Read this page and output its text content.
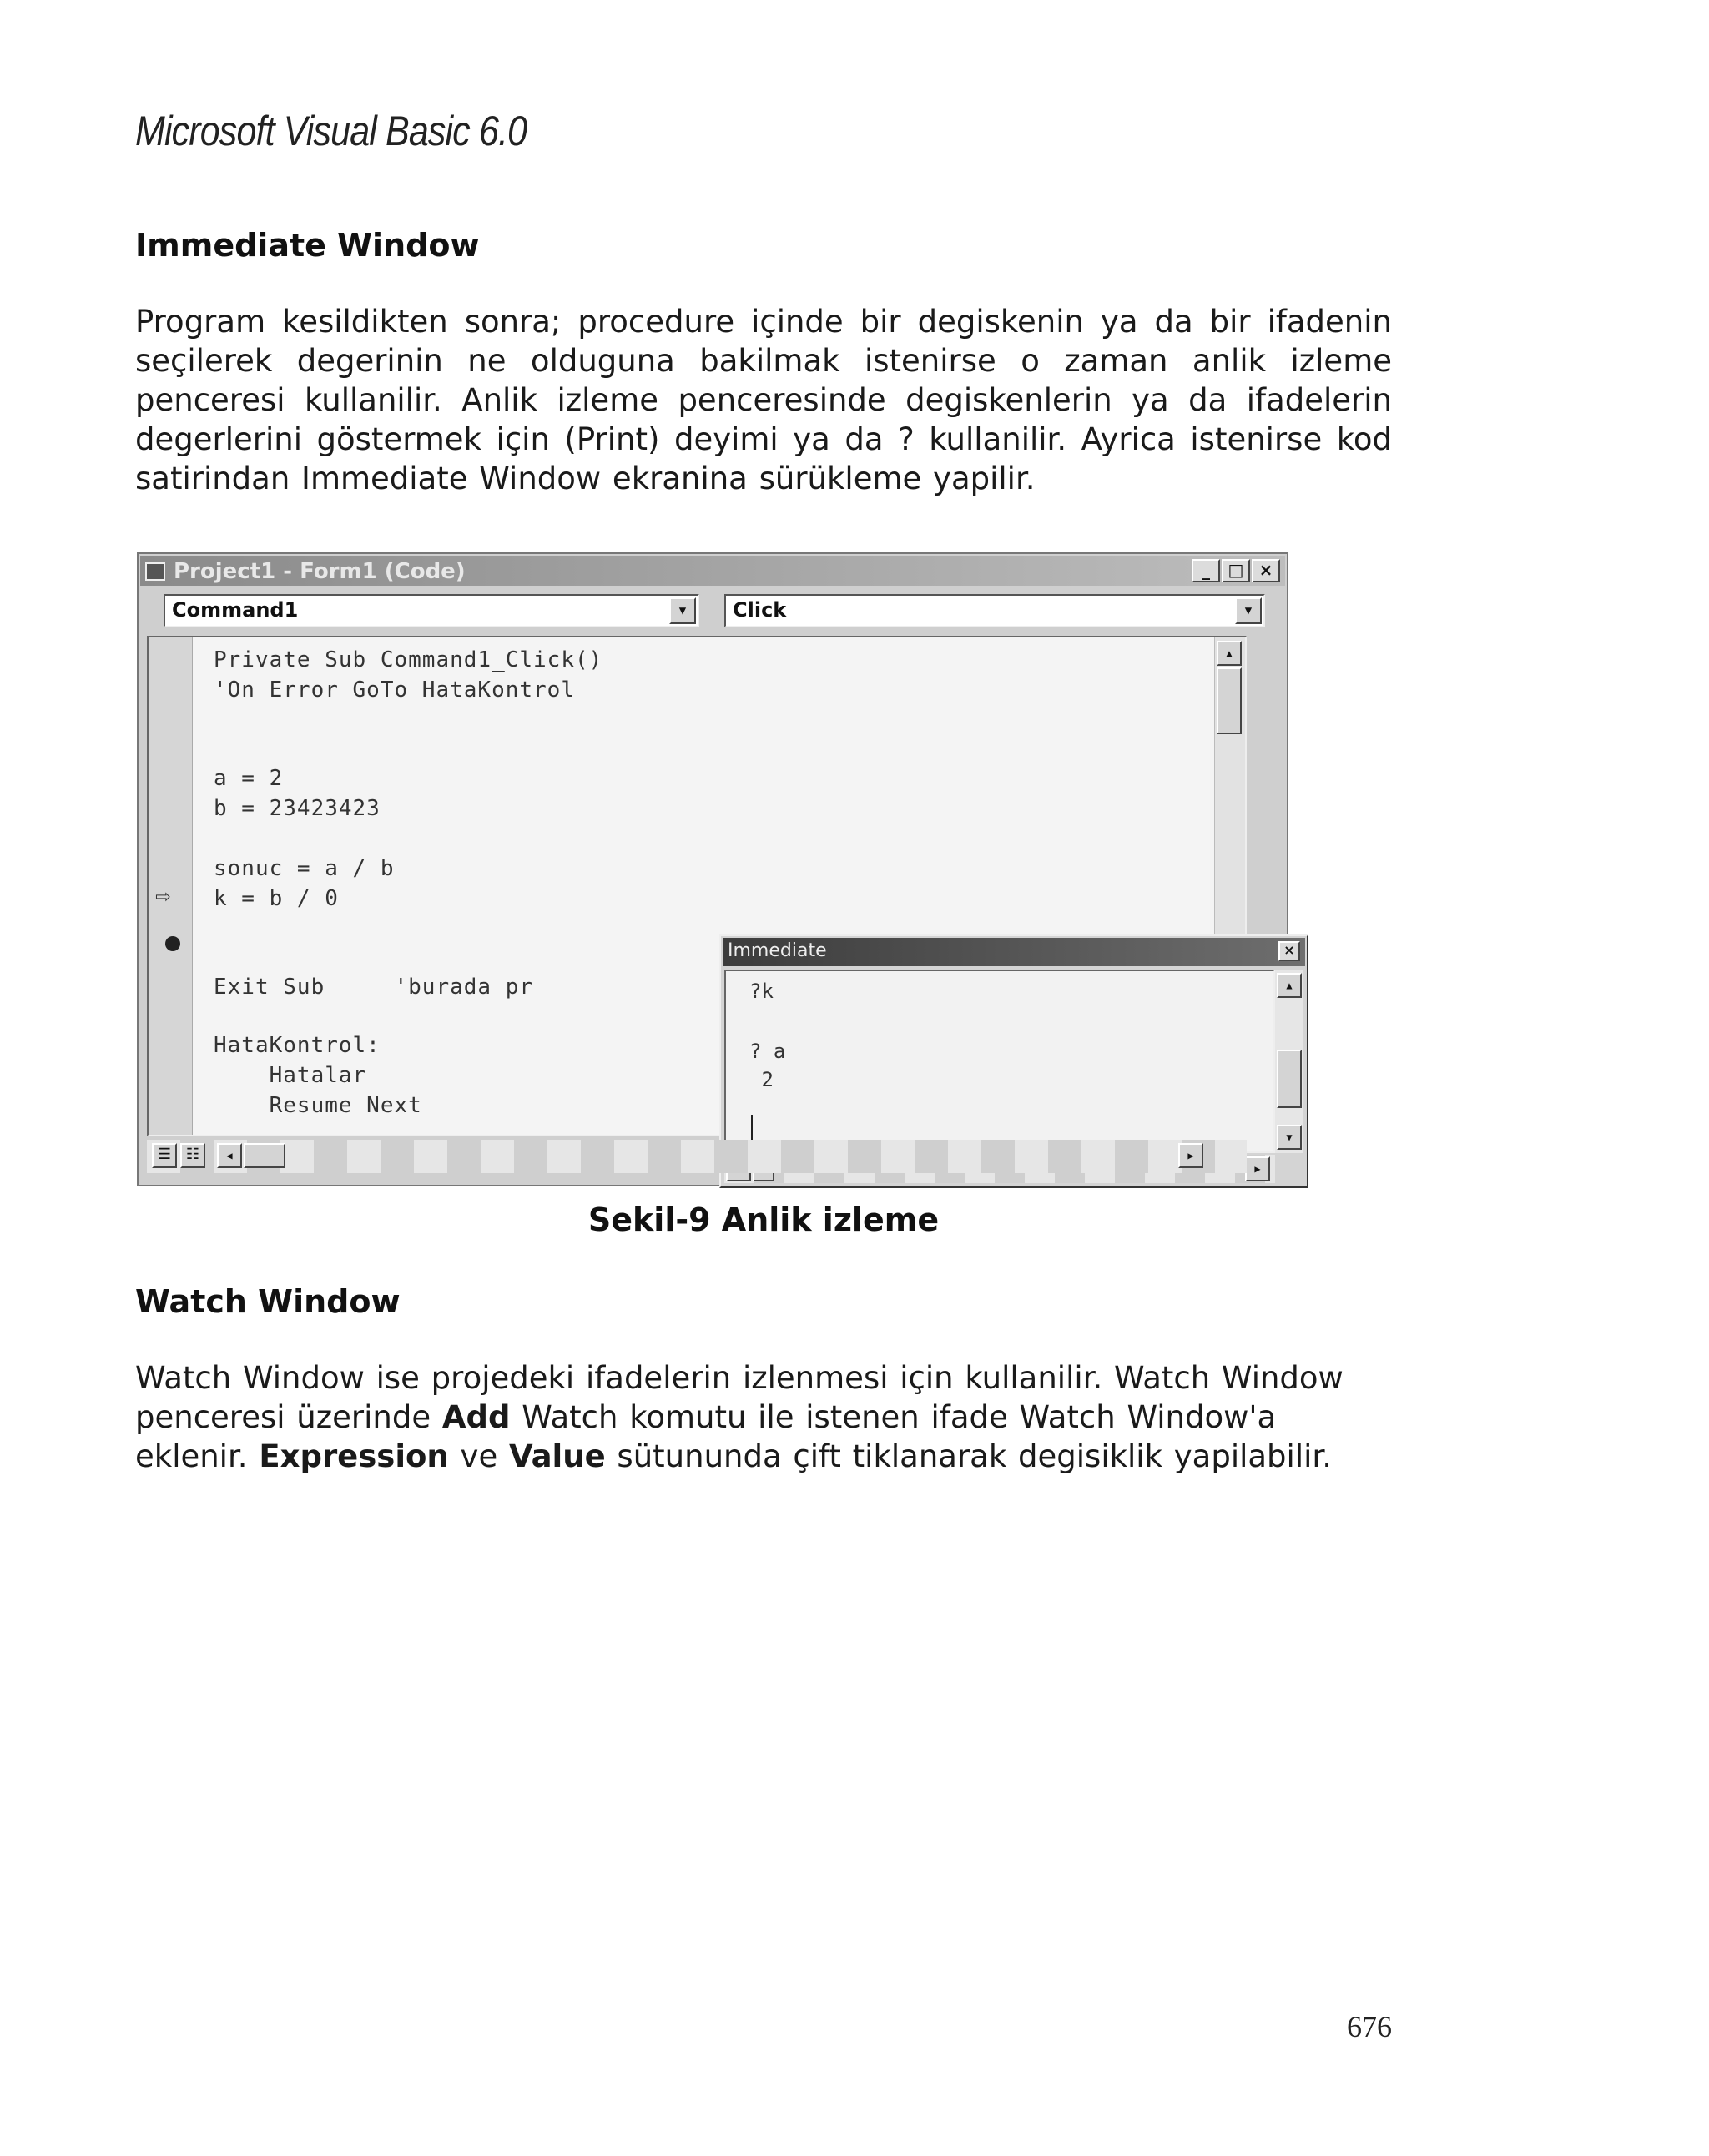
Microsoft Visual Basic 6.0
Immediate Window
Program kesildikten sonra; procedure içinde bir degiskenin ya da bir ifadenin
seçilerek degerinin ne olduguna bakilmak istenirse o zaman anlik izleme
penceresi kullanilir. Anlik izleme penceresinde degiskenlerin ya da ifadelerin
degerlerini göstermek için (Print) deyimi ya da ? kullanilir. Ayrica istenirse kod
satirindan Immediate Window ekranina sürükleme yapilir.
Project1 - Form1 (Code)	_	□ ×
Command1	▼	Click	▼
⇨
Private Sub Command1_Click()
'On Error GoTo HataKontrol
a = 2
b = 23423423
sonuc = a / b
k = b / 0
Exit Sub     'burada pr
HataKontrol:
Hatalar
Resume Next
▲
Immediate	×
?k
? a
2
▲
▼
▶
☰ ☷	◀	▶
Sekil-9 Anlik izleme
Watch Window
Watch Window ise projedeki ifadelerin izlenmesi için kullanilir. Watch Window
penceresi üzerinde Add Watch komutu ile istenen ifade Watch Window'a
eklenir. Expression ve Value sütununda çift tiklanarak degisiklik yapilabilir.
676
